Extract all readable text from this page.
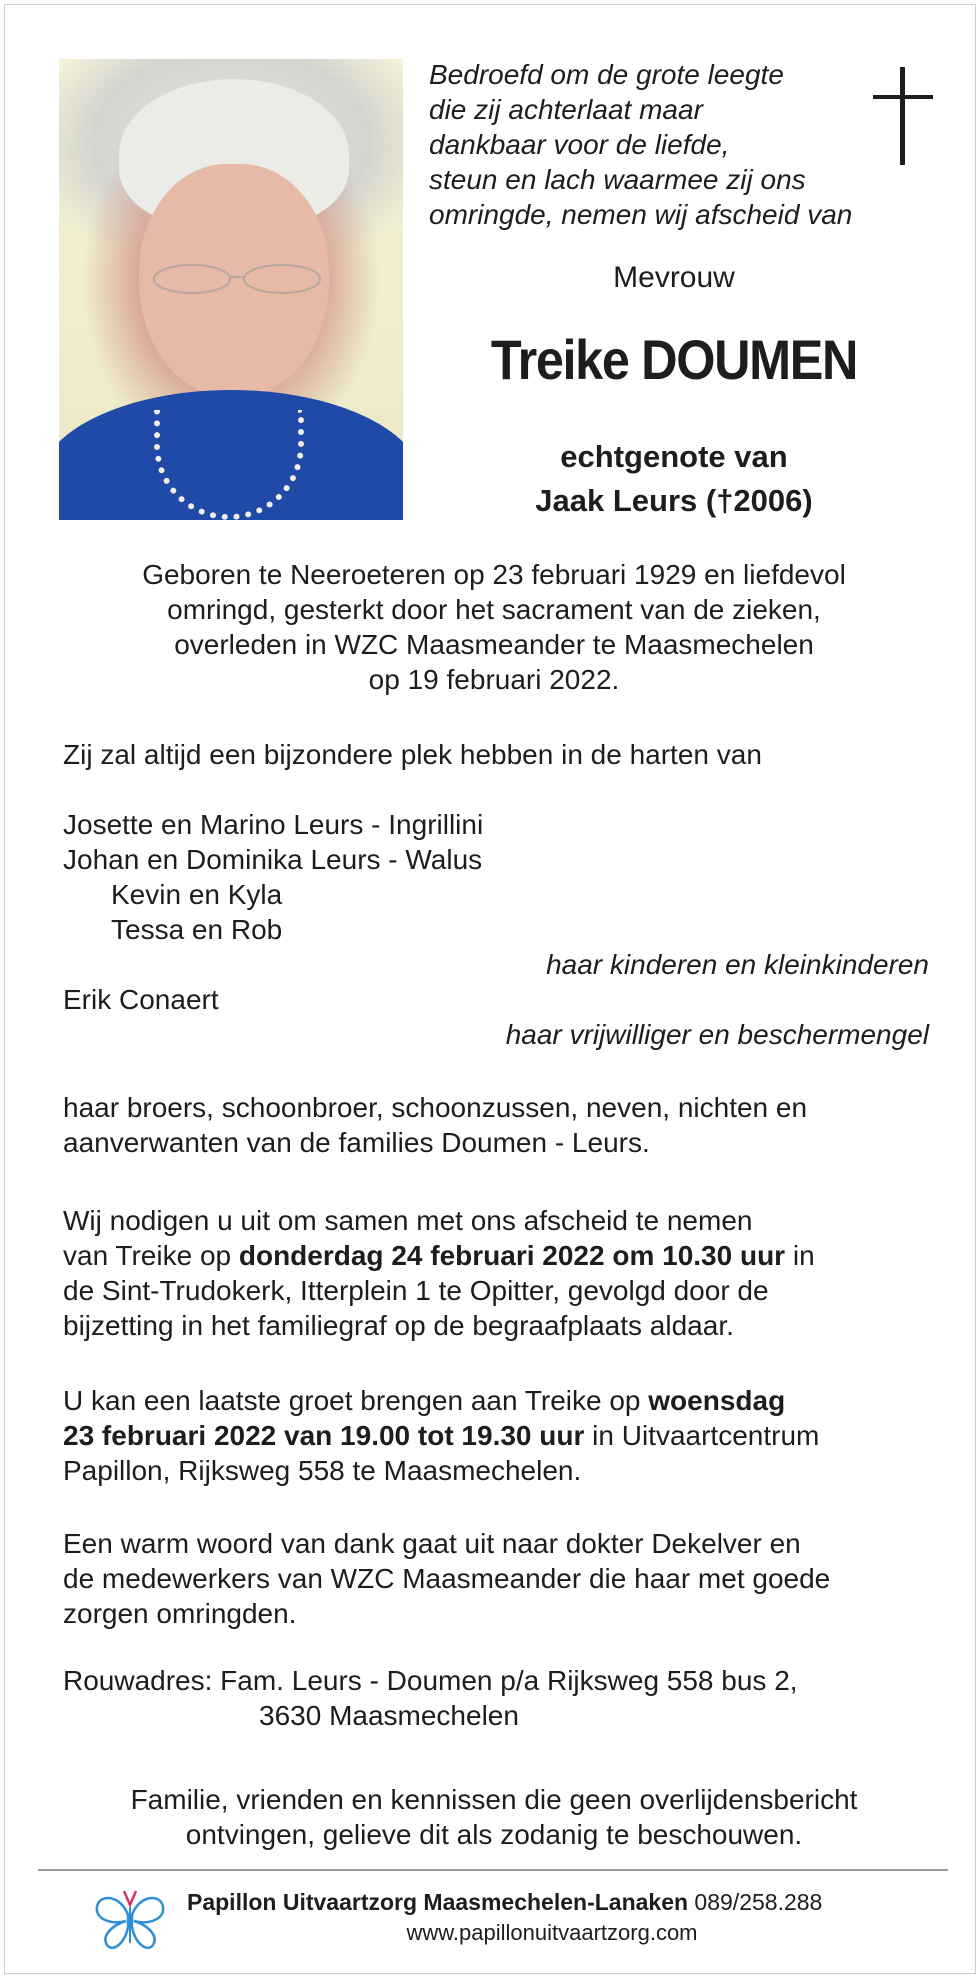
Bedroefd om de grote leegte
die zij achterlaat maar
dankbaar voor de liefde,
steun en lach waarmee zij ons
omringde, nemen wij afscheid van
Mevrouw
Treike DOUMEN
echtgenote van
Jaak Leurs (†2006)
Geboren te Neeroeteren op 23 februari 1929 en liefdevol
omringd, gesterkt door het sacrament van de zieken,
overleden in WZC Maasmeander te Maasmechelen
op 19 februari 2022.
Zij zal altijd een bijzondere plek hebben in de harten van
Josette en Marino Leurs - Ingrillini
Johan en Dominika Leurs - Walus
Kevin en Kyla
Tessa en Rob
haar kinderen en kleinkinderen
Erik Conaert
haar vrijwilliger en beschermengel
haar broers, schoonbroer, schoonzussen, neven, nichten en
aanverwanten van de families Doumen - Leurs.
Wij nodigen u uit om samen met ons afscheid te nemen
van Treike op donderdag 24 februari 2022 om 10.30 uur in
de Sint-Trudokerk, Itterplein 1 te Opitter, gevolgd door de
bijzetting in het familiegraf op de begraafplaats aldaar.
U kan een laatste groet brengen aan Treike op woensdag
23 februari 2022 van 19.00 tot 19.30 uur in Uitvaartcentrum
Papillon, Rijksweg 558 te Maasmechelen.
Een warm woord van dank gaat uit naar dokter Dekelver en
de medewerkers van WZC Maasmeander die haar met goede
zorgen omringden.
Rouwadres: Fam. Leurs - Doumen p/a Rijksweg 558 bus 2,
3630 Maasmechelen
Familie, vrienden en kennissen die geen overlijdensbericht
ontvingen, gelieve dit als zodanig te beschouwen.
Papillon Uitvaartzorg Maasmechelen-Lanaken 089/258.288
www.papillonuitvaartzorg.com
